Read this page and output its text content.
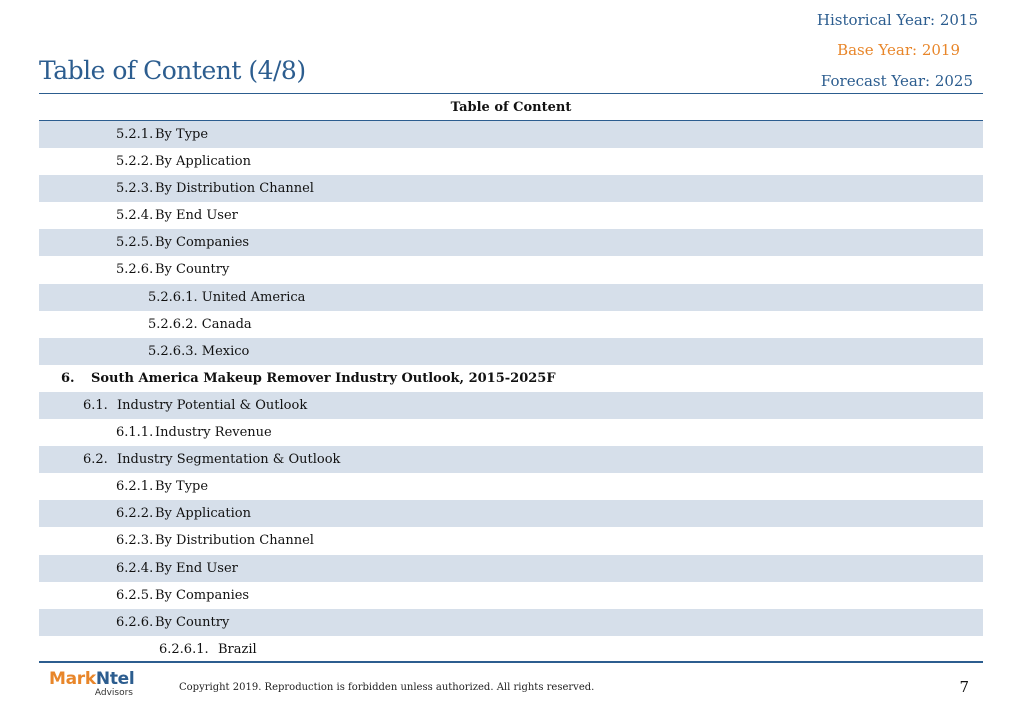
Table of Content (4/8)
Historical Year: 2015
Base Year: 2019
Forecast Year: 2025
Table of Content
5.2.1. By Type
5.2.2. By Application
5.2.3. By Distribution Channel
5.2.4. By End User
5.2.5. By Companies
5.2.6. By Country
5.2.6.1. United America
5.2.6.2. Canada
5.2.6.3. Mexico
6. South America Makeup Remover Industry Outlook, 2015-2025F
6.1. Industry Potential & Outlook
6.1.1. Industry Revenue
6.2. Industry Segmentation & Outlook
6.2.1. By Type
6.2.2. By Application
6.2.3. By Distribution Channel
6.2.4. By End User
6.2.5. By Companies
6.2.6. By Country
6.2.6.1. Brazil
MarkNtel
Advisors	Copyright 2019. Reproduction is forbidden unless authorized. All rights reserved.	7
